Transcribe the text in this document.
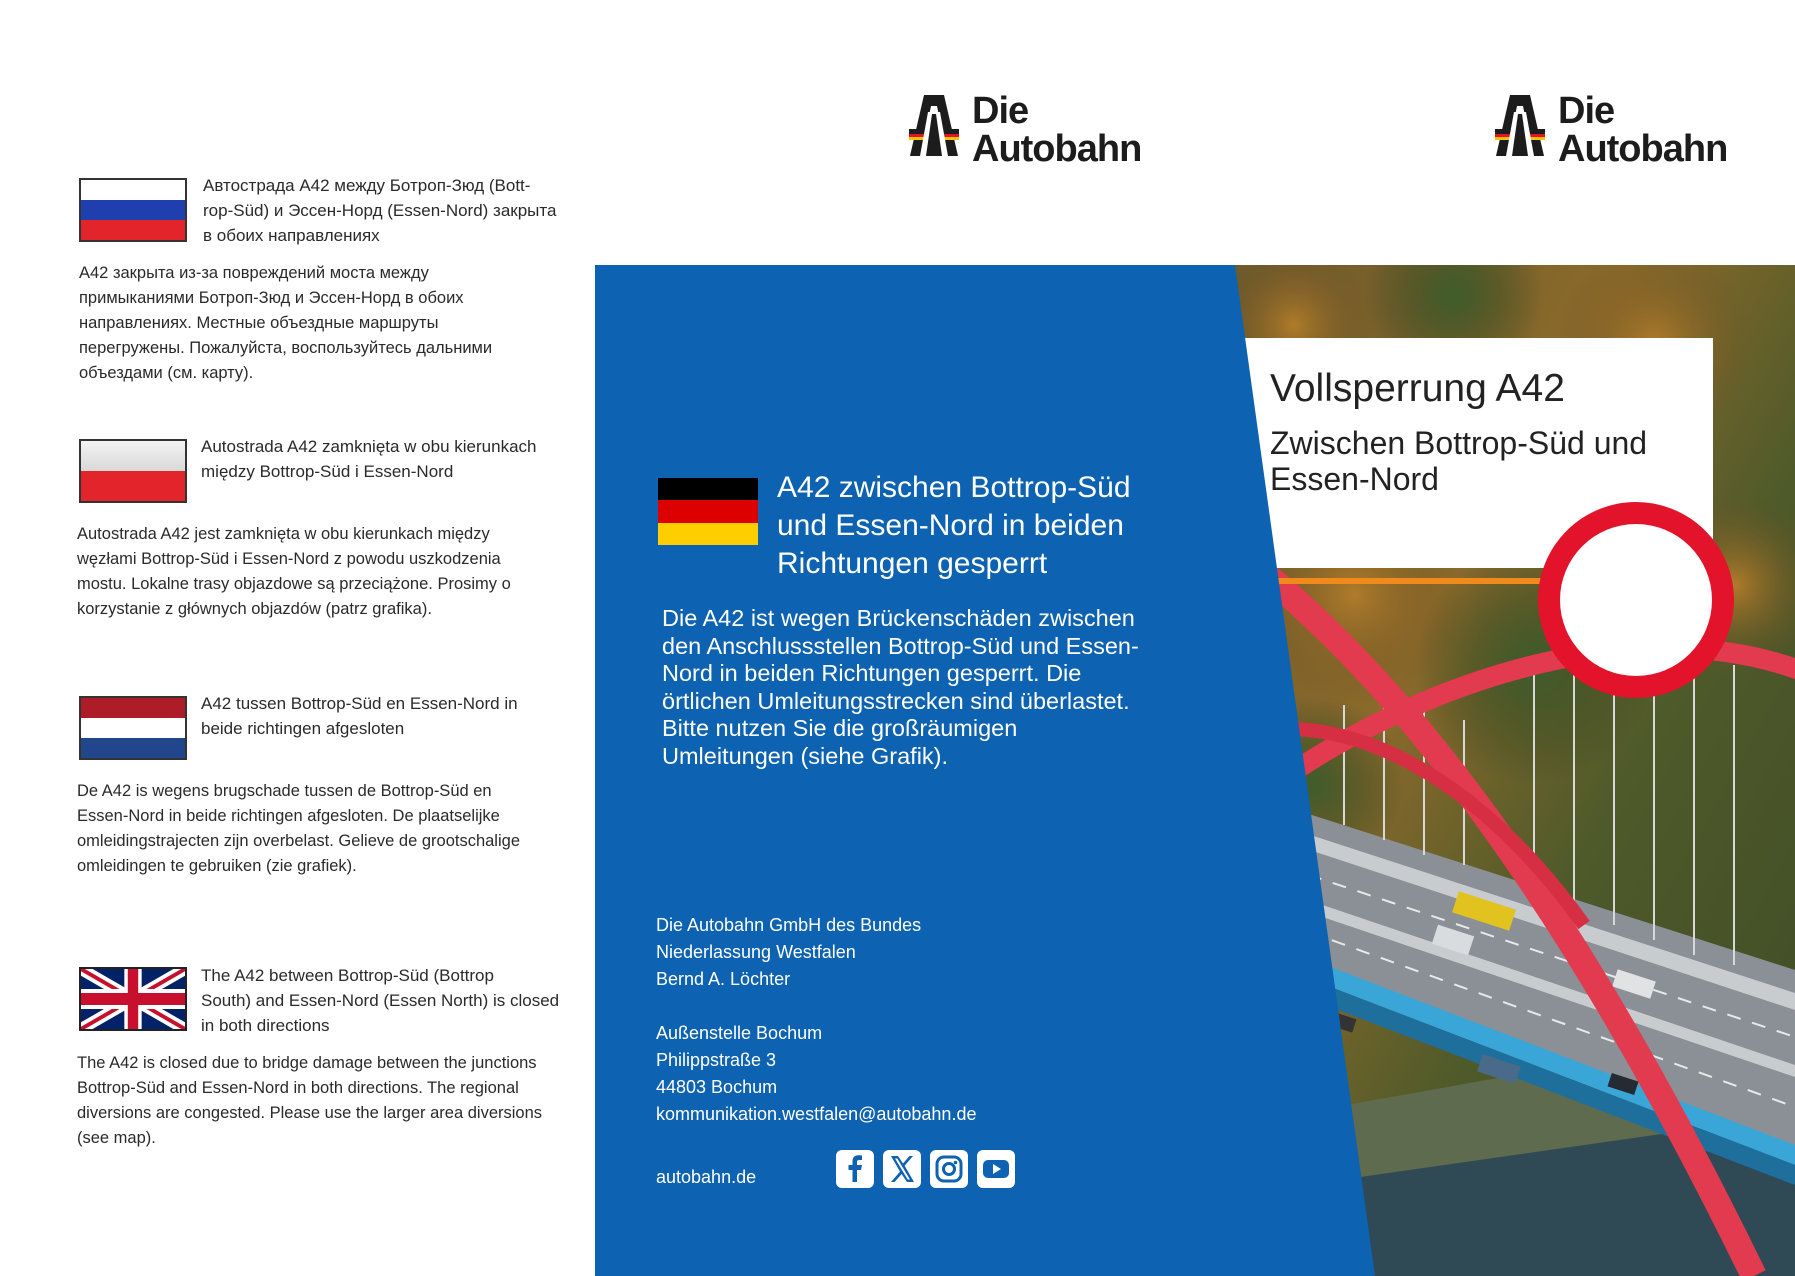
Die
Autobahn
Die
Autobahn
Автострада A42 между Ботроп-Зюд (Bott-
rop-Süd) и Эссен-Норд (Essen-Nord) закрыта
в обоих направлениях
A42 закрыта из-за повреждений моста между
примыканиями Ботроп-Зюд и Эссен-Норд в обоих
направлениях. Местные объездные маршруты
перегружены. Пожалуйста, воспользуйтесь дальними
объездами (см. карту).
Autostrada A42 zamknięta w obu kierunkach
między Bottrop-Süd i Essen-Nord
Autostrada A42 jest zamknięta w obu kierunkach między
węzłami Bottrop-Süd i Essen-Nord z powodu uszkodzenia
mostu. Lokalne trasy objazdowe są przeciążone. Prosimy o
korzystanie z głównych objazdów (patrz grafika).
A42 tussen Bottrop-Süd en Essen-Nord in
beide richtingen afgesloten
De A42 is wegens brugschade tussen de Bottrop-Süd en
Essen-Nord in beide richtingen afgesloten. De plaatselijke
omleidingstrajecten zijn overbelast. Gelieve de grootschalige
omleidingen te gebruiken (zie grafiek).
The A42 between Bottrop-Süd (Bottrop
South) and Essen-Nord (Essen North) is closed
in both directions
The A42 is closed due to bridge damage between the junctions
Bottrop-Süd and Essen-Nord in both directions. The regional
diversions are congested. Please use the larger area diversions
(see map).
Vollsperrung A42
Zwischen Bottrop-Süd und Essen-Nord
A42 zwischen Bottrop-Süd und Essen-Nord in beiden Richtungen gesperrt
Die A42 ist wegen Brückenschäden zwischen den Anschlussstellen Bottrop-Süd und Essen-Nord in beiden Richtungen gesperrt. Die örtlichen Umleitungsstrecken sind überlastet. Bitte nutzen Sie die großräumigen Umleitungen (siehe Grafik).
Die Autobahn GmbH des Bundes
Niederlassung Westfalen
Bernd A. Löchter
Außenstelle Bochum
Philippstraße 3
44803 Bochum
kommunikation.westfalen@autobahn.de
autobahn.de
